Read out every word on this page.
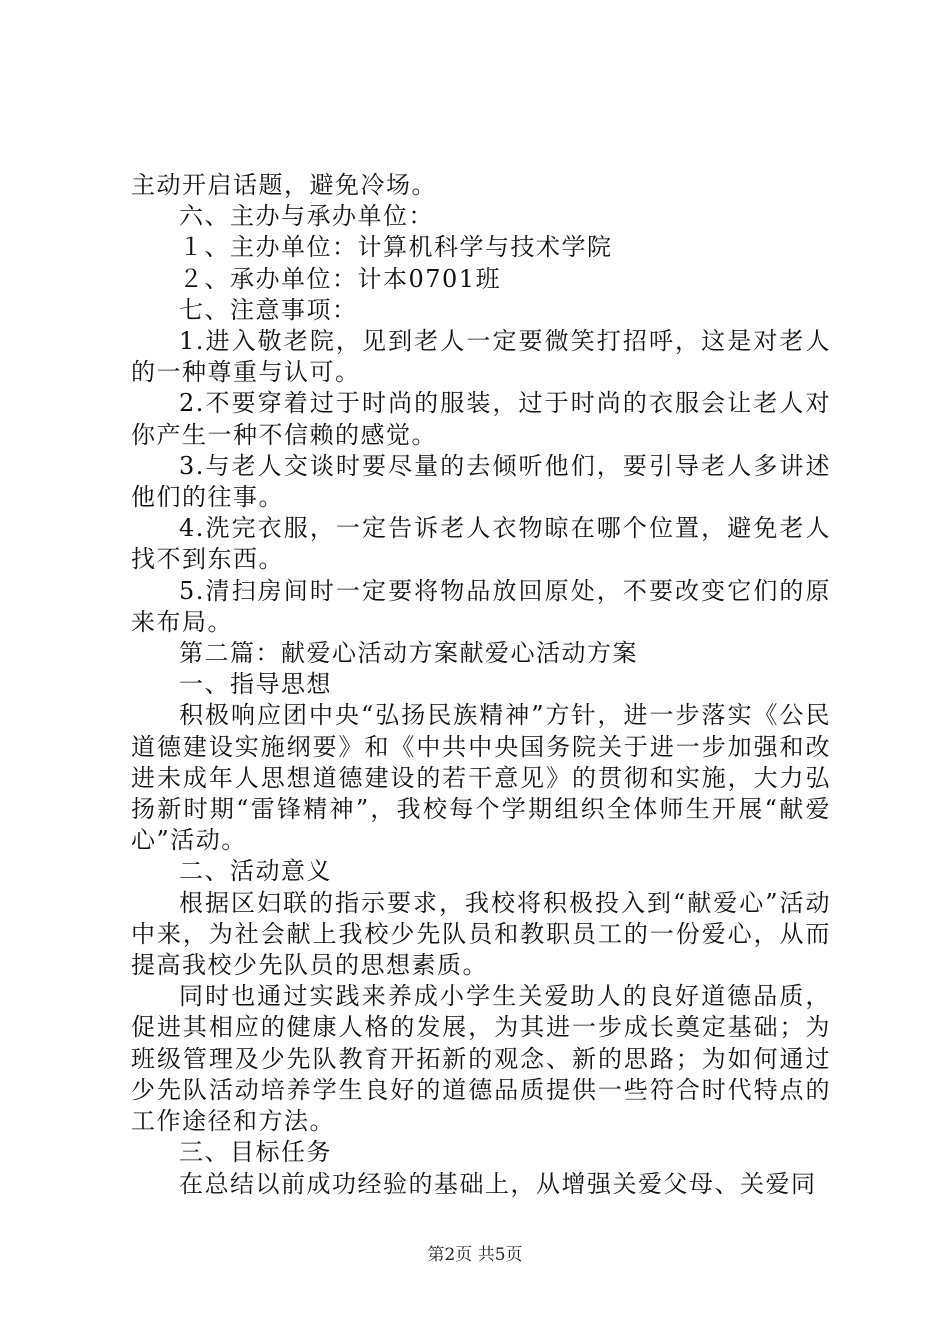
主动开启话题，避免冷场。

六、主办与承办单位：

１、主办单位：计算机科学与技术学院

２、承办单位：计本0701班

七、注意事项：

1.进入敬老院，见到老人一定要微笑打招呼，这是对老人的一种尊重与认可。

2.不要穿着过于时尚的服装，过于时尚的衣服会让老人对你产生一种不信赖的感觉。

3.与老人交谈时要尽量的去倾听他们，要引导老人多讲述他们的往事。

4.洗完衣服，一定告诉老人衣物晾在哪个位置，避免老人找不到东西。

5.清扫房间时一定要将物品放回原处，不要改变它们的原来布局。

第二篇：献爱心活动方案献爱心活动方案

一、指导思想

积极响应团中央“弘扬民族精神”方针，进一步落实《公民道德建设实施纲要》和《中共中央国务院关于进一步加强和改进未成年人思想道德建设的若干意见》的贯彻和实施，大力弘扬新时期“雷锋精神”，我校每个学期组织全体师生开展“献爱心”活动。

二、活动意义

根据区妇联的指示要求，我校将积极投入到“献爱心”活动中来，为社会献上我校少先队员和教职员工的一份爱心，从而提高我校少先队员的思想素质。

同时也通过实践来养成小学生关爱助人的良好道德品质，促进其相应的健康人格的发展，为其进一步成长奠定基础；为班级管理及少先队教育开拓新的观念、新的思路；为如何通过少先队活动培养学生良好的道德品质提供一些符合时代特点的工作途径和方法。

三、目标任务

在总结以前成功经验的基础上，从增强关爱父母、关爱同

第2页 共5页
